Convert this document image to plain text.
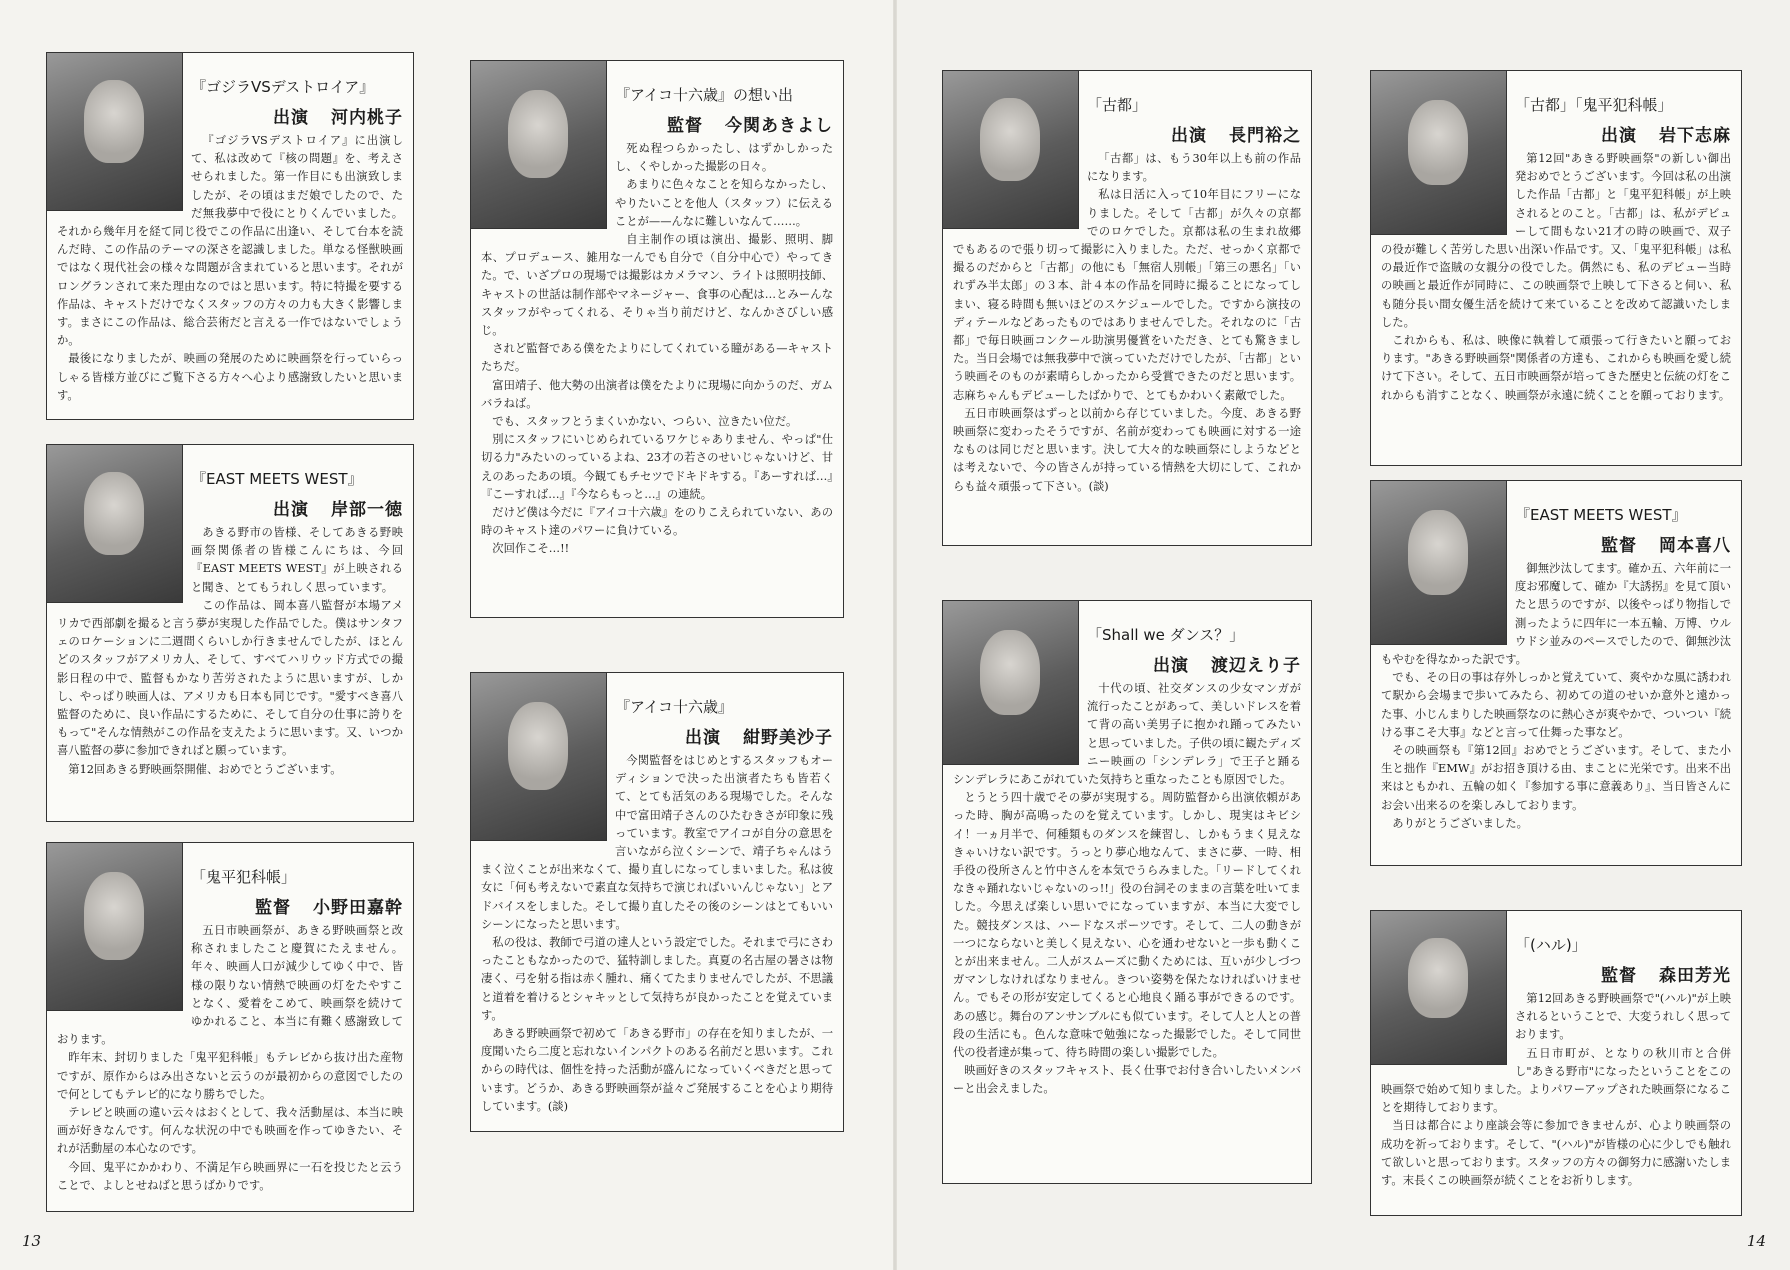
『ゴジラVSデストロイア』
出演 河内桃子

『ゴジラVSデストロイア』に出演して、私は改めて『核の問題』を、考えさせられました。第一作目にも出演致しましたが、その頃はまだ娘でしたので、ただ無我夢中で役にとりくんでいました。それから幾年月を経て同じ役でこの作品に出逢い、そして台本を読んだ時、この作品のテーマの深さを認識しました。単なる怪獣映画ではなく現代社会の様々な問題が含まれていると思います。それがロングランされて来た理由なのではと思います。特に特撮を要する作品は、キャストだけでなくスタッフの方々の力も大きく影響します。まさにこの作品は、総合芸術だと言える一作ではないでしょうか。

最後になりましたが、映画の発展のために映画祭を行っていらっしゃる皆様方並びにご覧下さる方々へ心より感謝致したいと思います。

『EAST MEETS WEST』
出演 岸部一徳

あきる野市の皆様、そしてあきる野映画祭関係者の皆様こんにちは、今回『EAST MEETS WEST』が上映されると聞き、とてもうれしく思っています。

この作品は、岡本喜八監督が本場アメリカで西部劇を撮ると言う夢が実現した作品でした。僕はサンタフェのロケーションに二週間くらいしか行きませんでしたが、ほとんどのスタッフがアメリカ人、そして、すべてハリウッド方式での撮影日程の中で、監督もかなり苦労されたように思いますが、しかし、やっぱり映画人は、アメリカも日本も同じです。"愛すべき喜八監督のために、良い作品にするために、そして自分の仕事に誇りをもって"そんな情熱がこの作品を支えたように思います。又、いつか喜八監督の夢に参加できればと願っています。

第12回あきる野映画祭開催、おめでとうございます。

「鬼平犯科帳」
監督 小野田嘉幹

五日市映画祭が、あきる野映画祭と改称されましたこと慶賀にたえません。年々、映画人口が減少してゆく中で、皆様の限りない情熱で映画の灯をたやすことなく、愛着をこめて、映画祭を続けてゆかれること、本当に有難く感謝致しております。

昨年末、封切りました「鬼平犯科帳」もテレビから抜け出た産物ですが、原作からはみ出さないと云うのが最初からの意図でしたので何としてもテレビ的になり勝ちでした。

テレビと映画の違い云々はおくとして、我々活動屋は、本当に映画が好きなんです。何んな状況の中でも映画を作ってゆきたい、それが活動屋の本心なのです。

今回、鬼平にかかわり、不満足乍ら映画界に一石を投じたと云うことで、よしとせねばと思うばかりです。

『アイコ十六歳』の想い出
監督 今関あきよし

死ぬ程つらかったし、はずかしかったし、くやしかった撮影の日々。

あまりに色々なことを知らなかったし、やりたいことを他人（スタッフ）に伝えることが——んなに難しいなんて……。

自主制作の頃は演出、撮影、照明、脚本、プロデュース、雑用な一んでも自分で（自分中心で）やってきた。で、いざプロの現場では撮影はカメラマン、ライトは照明技師、キャストの世話は制作部やマネージャー、食事の心配は…とみーんなスタッフがやってくれる、そりゃ当り前だけど、なんかさびしい感じ。

されど監督である僕をたよりにしてくれている瞳がある—キャストたちだ。

富田靖子、他大勢の出演者は僕をたよりに現場に向かうのだ、ガムバラねば。

でも、スタッフとうまくいかない、つらい、泣きたい位だ。

別にスタッフにいじめられているワケじゃありません、やっぱ"仕切る力"みたいのっているよね、23才の若さのせいじゃないけど、甘えのあったあの頃。今観てもチセツでドキドキする。『あーすれば…』『こーすれば…』『今ならもっと…』の連続。

だけど僕は今だに『アイコ十六歳』をのりこえられていない、あの時のキャスト達のパワーに負けている。

次回作こそ…!!

『アイコ十六歳』
出演 紺野美沙子

今関監督をはじめとするスタッフもオーディションで決った出演者たちも皆若くて、とても活気のある現場でした。そんな中で富田靖子さんのひたむきさが印象に残っています。教室でアイコが自分の意思を言いながら泣くシーンで、靖子ちゃんはうまく泣くことが出来なくて、撮り直しになってしまいました。私は彼女に「何も考えないで素直な気持ちで演じればいいんじゃない」とアドバイスをしました。そして撮り直したその後のシーンはとてもいいシーンになったと思います。

私の役は、教師で弓道の達人という設定でした。それまで弓にさわったこともなかったので、猛特訓しました。真夏の名古屋の暑さは物凄く、弓を射る指は赤く腫れ、痛くてたまりませんでしたが、不思議と道着を着けるとシャキッとして気持ちが良かったことを覚えています。

あきる野映画祭で初めて「あきる野市」の存在を知りましたが、一度聞いたら二度と忘れないインパクトのある名前だと思います。これからの時代は、個性を持った活動が盛んになっていくべきだと思っています。どうか、あきる野映画祭が益々ご発展することを心より期待しています。(談)

「古都」
出演 長門裕之

「古都」は、もう30年以上も前の作品になります。

私は日活に入って10年目にフリーになりました。そして「古都」が久々の京都でのロケでした。京都は私の生まれ故郷でもあるので張り切って撮影に入りました。ただ、せっかく京都で撮るのだからと「古都」の他にも「無宿人別帳」「第三の悪名」「いれずみ半太郎」の３本、計４本の作品を同時に撮ることになってしまい、寝る時間も無いほどのスケジュールでした。ですから演技のディテールなどあったものではありませんでした。それなのに「古都」で毎日映画コンクール助演男優賞をいただき、とても驚きました。当日会場では無我夢中で演っていただけでしたが、「古都」という映画そのものが素晴らしかったから受賞できたのだと思います。志麻ちゃんもデビューしたばかりで、とてもかわいく素敵でした。

五日市映画祭はずっと以前から存じていました。今度、あきる野映画祭に変わったそうですが、名前が変わっても映画に対する一途なものは同じだと思います。決して大々的な映画祭にしようなどとは考えないで、今の皆さんが持っている情熱を大切にして、これからも益々頑張って下さい。(談)

「Shall we ダンス？」
出演 渡辺えり子

十代の頃、社交ダンスの少女マンガが流行ったことがあって、美しいドレスを着て背の高い美男子に抱かれ踊ってみたいと思っていました。子供の頃に観たディズニー映画の「シンデレラ」で王子と踊るシンデレラにあこがれていた気持ちと重なったことも原因でした。

とうとう四十歳でその夢が実現する。周防監督から出演依頼があった時、胸が高鳴ったのを覚えています。しかし、現実はキビシイ！一ヵ月半で、何種類ものダンスを練習し、しかもうまく見えなきゃいけない訳です。うっとり夢心地なんて、まさに夢、一時、相手役の役所さんと竹中さんを本気でうらみました。「リードしてくれなきゃ踊れないじゃないのっ!!」役の台詞そのままの言葉を吐いてました。今思えば楽しい思いでになっていますが、本当に大変でした。競技ダンスは、ハードなスポーツです。そして、二人の動きが一つにならないと美しく見えない、心を通わせないと一歩も動くことが出来ません。二人がスムーズに動くためには、互いが少しづつガマンしなければなりません。きつい姿勢を保たなければいけません。でもその形が安定してくると心地良く踊る事ができるのです。あの感じ。舞台のアンサンブルにも似ています。そして人と人との普段の生活にも。色んな意味で勉強になった撮影でした。そして同世代の役者達が集って、待ち時間の楽しい撮影でした。

映画好きのスタッフキャスト、長く仕事でお付き合いしたいメンバーと出会えました。

「古都」「鬼平犯科帳」
出演 岩下志麻

第12回"あきる野映画祭"の新しい御出発おめでとうございます。今回は私の出演した作品「古都」と「鬼平犯科帳」が上映されるとのこと。「古都」は、私がデビューして間もない21才の時の映画で、双子の役が難しく苦労した思い出深い作品です。又、「鬼平犯科帳」は私の最近作で盗賊の女親分の役でした。偶然にも、私のデビュー当時の映画と最近作が同時に、この映画祭で上映して下さると伺い、私も随分長い間女優生活を続けて来ていることを改めて認識いたしました。

これからも、私は、映像に執着して頑張って行きたいと願っております。"あきる野映画祭"関係者の方達も、これからも映画を愛し続けて下さい。そして、五日市映画祭が培ってきた歴史と伝統の灯をこれからも消すことなく、映画祭が永遠に続くことを願っております。

『EAST MEETS WEST』
監督 岡本喜八

御無沙汰してます。確か五、六年前に一度お邪魔して、確か『大誘拐』を見て頂いたと思うのですが、以後やっぱり物指しで測ったように四年に一本五輪、万博、ウルウドシ並みのペースでしたので、御無沙汰もやむを得なかった訳です。

でも、その日の事は存外しっかと覚えていて、爽やかな風に誘われて駅から会場まで歩いてみたら、初めての道のせいか意外と遠かった事、小じんまりした映画祭なのに熱心さが爽やかで、ついつい『続ける事こそ大事』などと言って仕舞った事など。

その映画祭も『第12回』おめでとうございます。そして、また小生と拙作『EMW』がお招き頂ける由、まことに光栄です。出来不出来はともかれ、五輪の如く『参加する事に意義あり』、当日皆さんにお会い出来るのを楽しみしております。

ありがとうございました。

「(ハル)」
監督 森田芳光

第12回あきる野映画祭で"(ハル)"が上映されるということで、大変うれしく思っております。

五日市町が、となりの秋川市と合併し"あきる野市"になったということをこの映画祭で始めて知りました。よりパワーアップされた映画祭になることを期待しております。

当日は都合により座談会等に参加できませんが、心より映画祭の成功を祈っております。そして、"(ハル)"が皆様の心に少しでも触れて欲しいと思っております。スタッフの方々の御努力に感謝いたします。末長くこの映画祭が続くことをお祈りします。

13	14
